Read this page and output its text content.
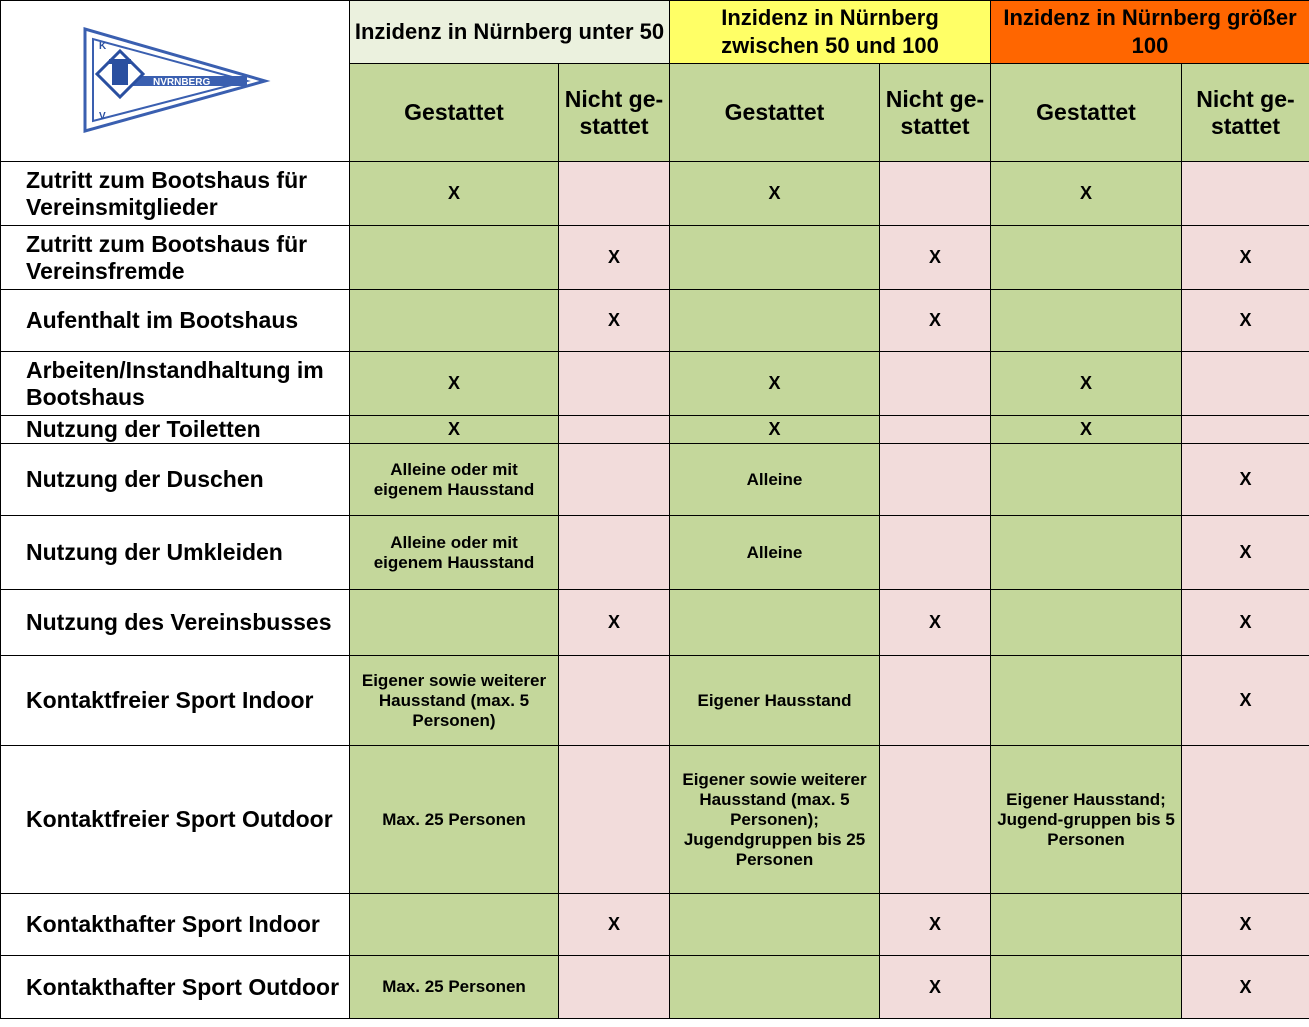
K
V
NVRNBERG	Inzidenz in Nürnberg unter 50		Inzidenz in Nürnberg zwischen 50 und 100		Inzidenz in Nürnberg größer 100	
	Gestattet	Nicht ge-stattet	Gestattet	Nicht ge-stattet	Gestattet	Nicht ge-stattet
Zutritt zum Bootshaus für Vereinsmitglieder	X		X		X	

Zutritt zum Bootshaus für Vereinsfremde		X		X		X
Aufenthalt im Bootshaus		X		X		X
Arbeiten/Instandhaltung im Bootshaus	X		X		X	

Nutzung der Toiletten	X		X		X	

Nutzung der Duschen	Alleine oder mit eigenem Hausstand		Alleine			X
Nutzung der Umkleiden	Alleine oder mit eigenem Hausstand		Alleine			X
Nutzung des Vereinsbusses		X		X		X
Kontaktfreier Sport Indoor	Eigener sowie weiterer Hausstand (max. 5 Personen)		Eigener Hausstand			X
Kontaktfreier Sport Outdoor	Max. 25 Personen		Eigener sowie weiterer Hausstand (max. 5 Personen); Jugendgruppen bis 25 Personen		Eigener Hausstand; Jugend-gruppen bis 5 Personen	

Kontakthafter Sport Indoor		X		X		X
Kontakthafter Sport Outdoor	Max. 25 Personen			X		X
